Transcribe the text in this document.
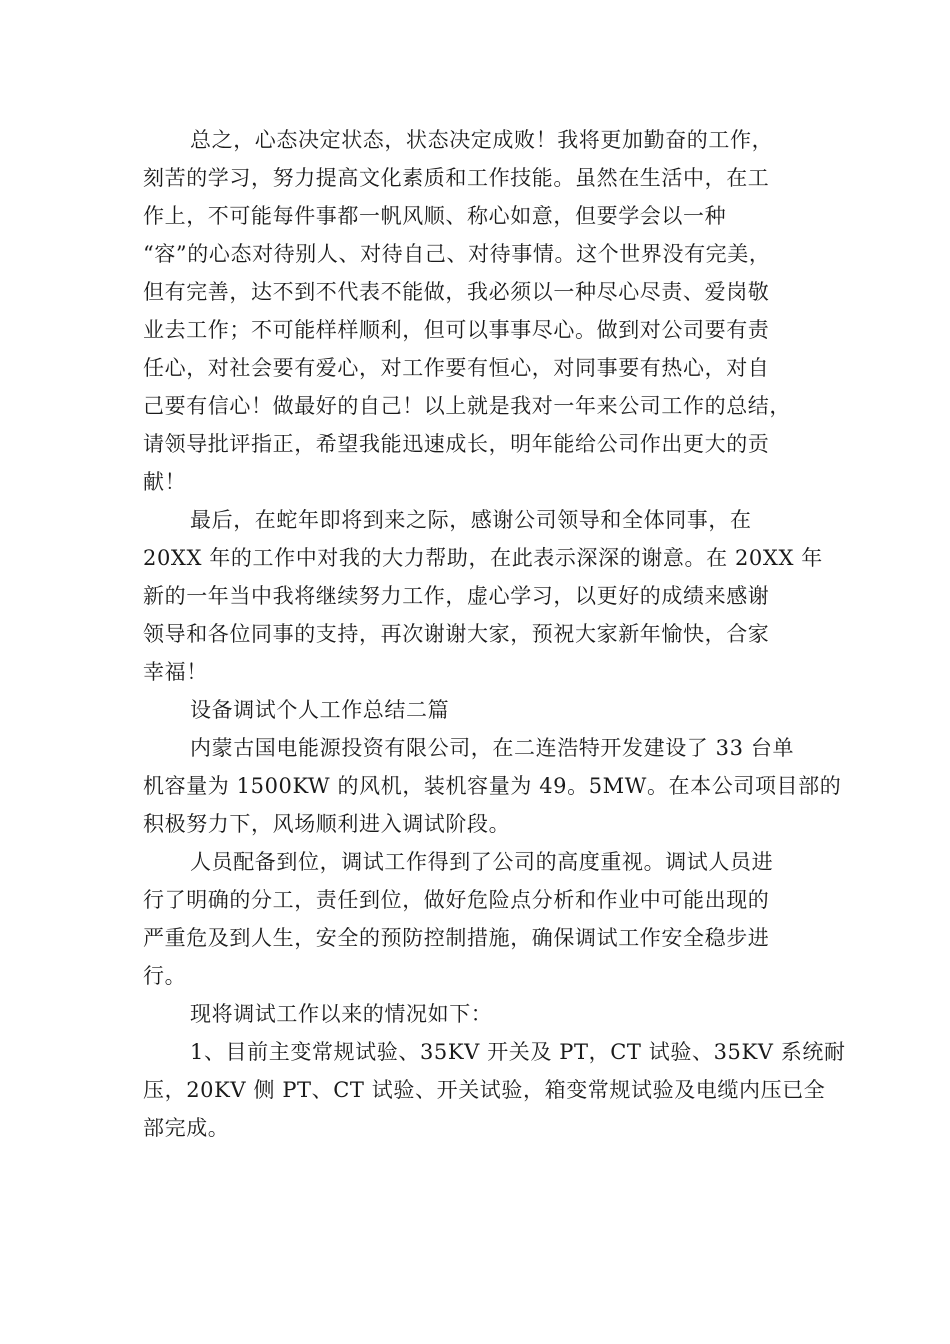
总之，心态决定状态，状态决定成败！我将更加勤奋的工作，
刻苦的学习，努力提高文化素质和工作技能。虽然在生活中，在工
作上，不可能每件事都一帆风顺、称心如意，但要学会以一种
“容”的心态对待别人、对待自己、对待事情。这个世界没有完美，
但有完善，达不到不代表不能做，我必须以一种尽心尽责、爱岗敬
业去工作；不可能样样顺利，但可以事事尽心。做到对公司要有责
任心，对社会要有爱心，对工作要有恒心，对同事要有热心，对自
己要有信心！做最好的自己！以上就是我对一年来公司工作的总结，
请领导批评指正，希望我能迅速成长，明年能给公司作出更大的贡
献！
最后，在蛇年即将到来之际，感谢公司领导和全体同事，在
20XX 年的工作中对我的大力帮助，在此表示深深的谢意。在 20XX 年
新的一年当中我将继续努力工作，虚心学习，以更好的成绩来感谢
领导和各位同事的支持，再次谢谢大家，预祝大家新年愉快，合家
幸福！
设备调试个人工作总结二篇
内蒙古国电能源投资有限公司，在二连浩特开发建设了 33 台单
机容量为 1500KW 的风机，装机容量为 49。5MW。在本公司项目部的
积极努力下，风场顺利进入调试阶段。
人员配备到位，调试工作得到了公司的高度重视。调试人员进
行了明确的分工，责任到位，做好危险点分析和作业中可能出现的
严重危及到人生，安全的预防控制措施，确保调试工作安全稳步进
行。
现将调试工作以来的情况如下：
1、目前主变常规试验、35KV 开关及 PT，CT 试验、35KV 系统耐
压，20KV 侧 PT、CT 试验、开关试验，箱变常规试验及电缆内压已全
部完成。
